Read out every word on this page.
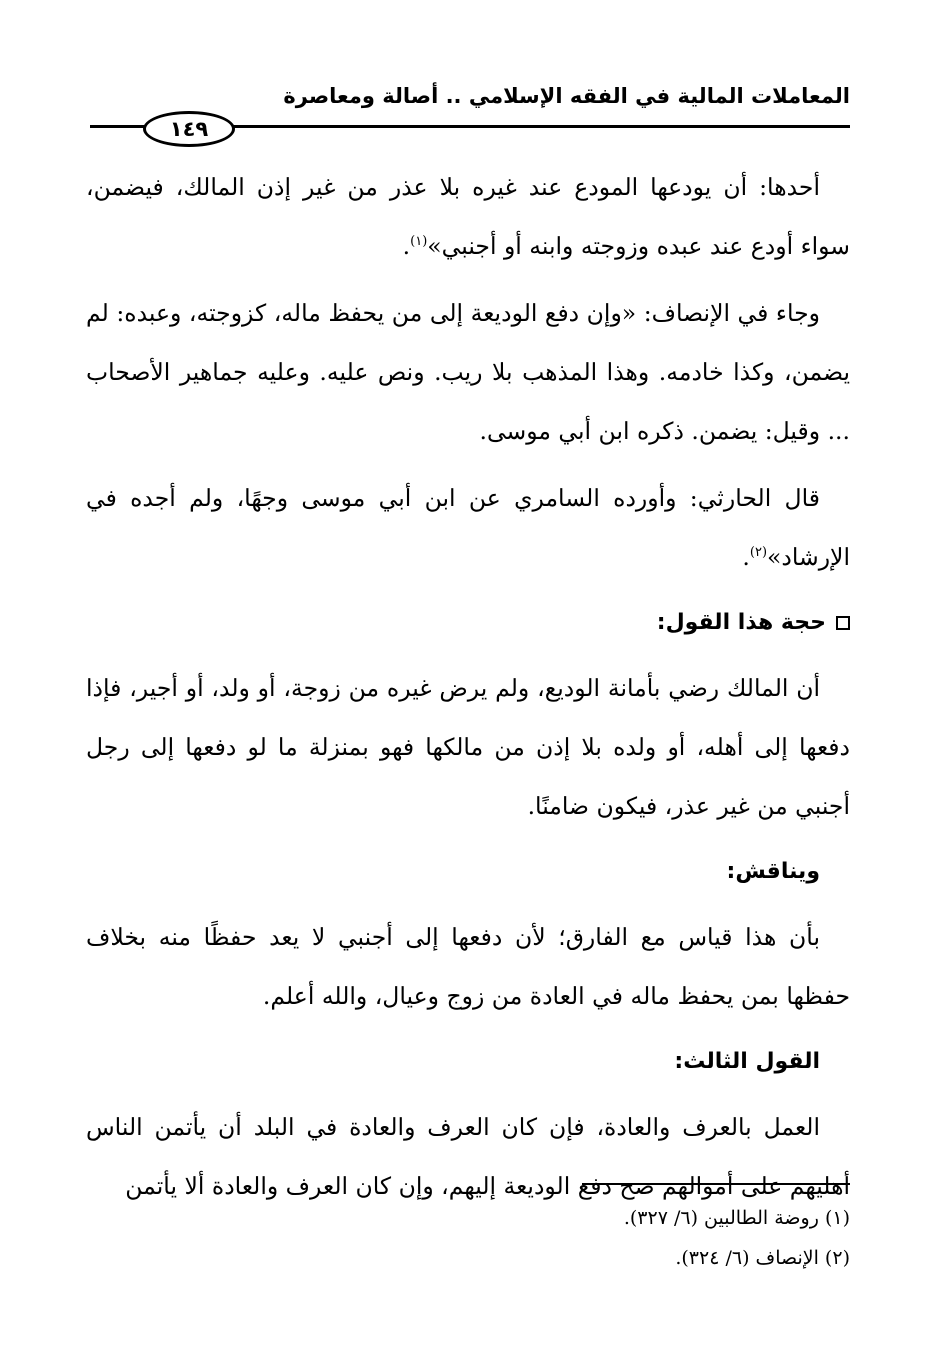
المعاملات المالية في الفقه الإسلامي .. أصالة ومعاصرة
١٤٩

أحدها: أن يودعها المودع عند غيره بلا عذر من غير إذن المالك، فيضمن، سواء أودع عند عبده وزوجته وابنه أو أجنبي»$^{(١)}$.

وجاء في الإنصاف: «وإن دفع الوديعة إلى من يحفظ ماله، كزوجته، وعبده: لم يضمن، وكذا خادمه. وهذا المذهب بلا ريب. ونص عليه. وعليه جماهير الأصحاب ... وقيل: يضمن. ذكره ابن أبي موسى.

قال الحارثي: وأورده السامري عن ابن أبي موسى وجهًا، ولم أجده في الإرشاد»$^{(٢)}$.

حجة هذا القول:

أن المالك رضي بأمانة الوديع، ولم يرض غيره من زوجة، أو ولد، أو أجير، فإذا دفعها إلى أهله، أو ولده بلا إذن من مالكها فهو بمنزلة ما لو دفعها إلى رجل أجنبي من غير عذر، فيكون ضامنًا.

ويناقش:

بأن هذا قياس مع الفارق؛ لأن دفعها إلى أجنبي لا يعد حفظًا منه بخلاف حفظها بمن يحفظ ماله في العادة من زوج وعيال، والله أعلم.

القول الثالث:

العمل بالعرف والعادة، فإن كان العرف والعادة في البلد أن يأتمن الناس أهليهم على أموالهم صح دفع الوديعة إليهم، وإن كان العرف والعادة ألا يأتمن

(١) روضة الطالبين (٦/ ٣٢٧).
(٢) الإنصاف (٦/ ٣٢٤).
